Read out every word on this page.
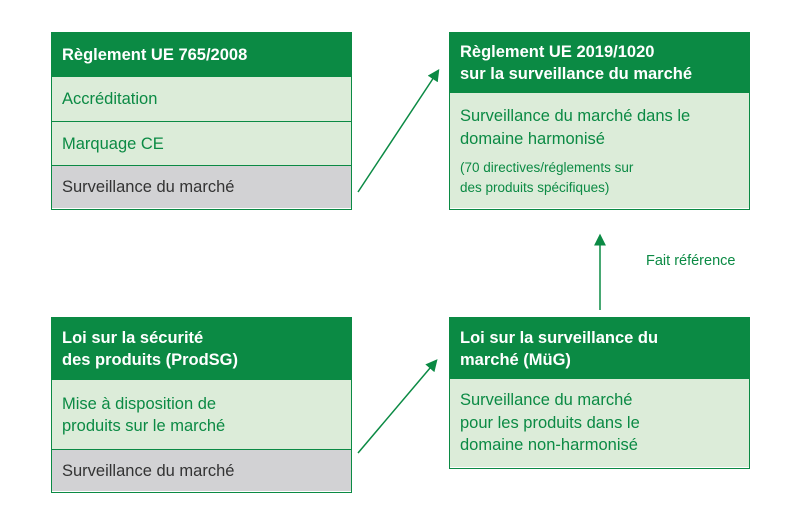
Règlement UE 765/2008
Accréditation
Marquage CE
Surveillance du marché
Règlement UE 2019/1020
sur la surveillance du marché
Surveillance du marché dans le
domaine harmonisé
(70 directives/réglements sur
des produits spécifiques)
Loi sur la sécurité
des produits (ProdSG)
Mise à disposition de
produits sur le marché
Surveillance du marché
Loi sur la surveillance du
marché (MüG)
Surveillance du marché
pour les produits dans le
domaine non-harmonisé
Fait référence
